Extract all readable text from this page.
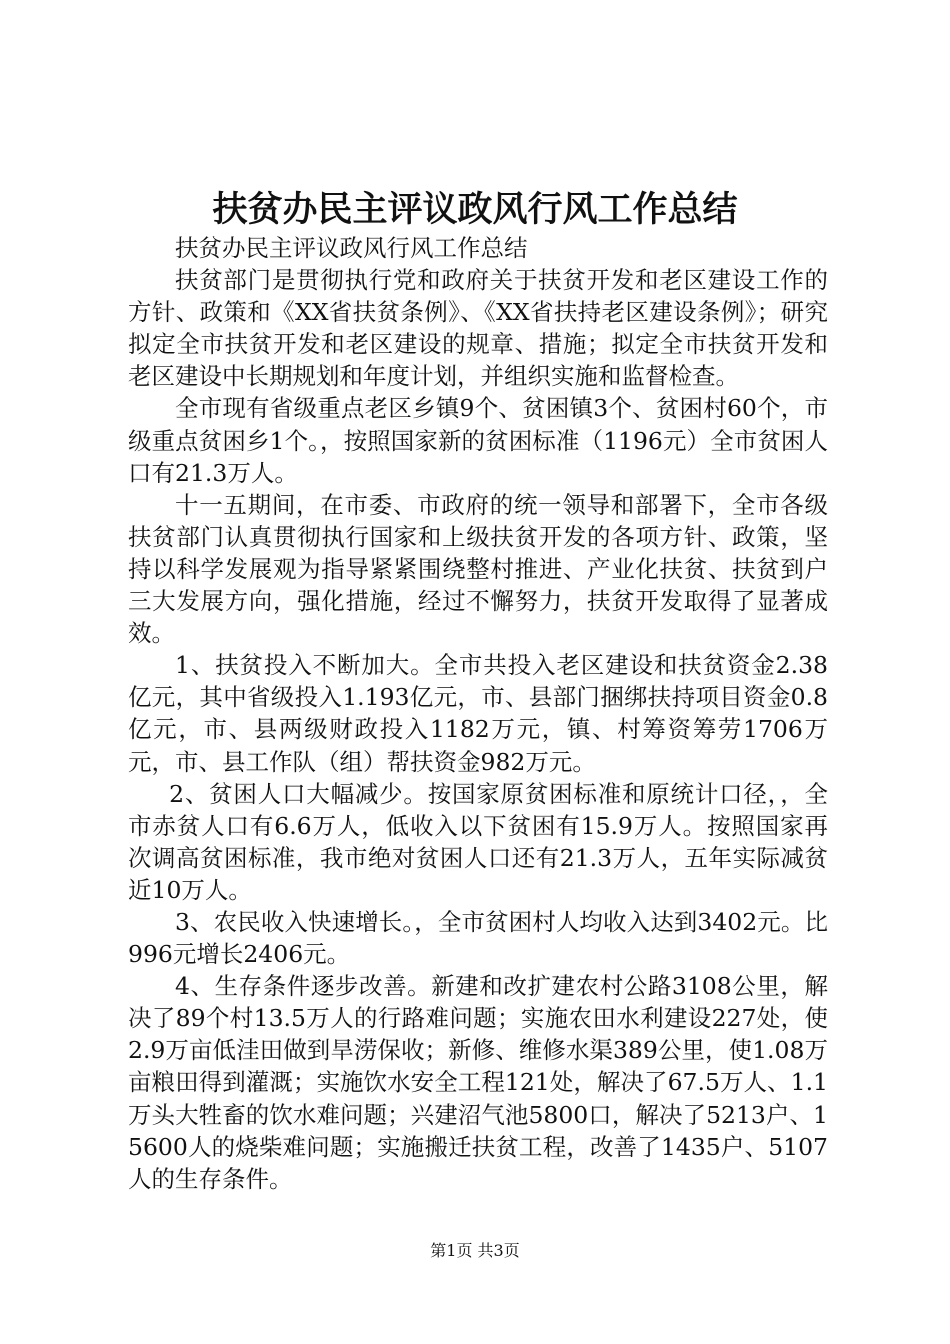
扶贫办民主评议政风行风工作总结

扶贫办民主评议政风行风工作总结

扶贫部门是贯彻执行党和政府关于扶贫开发和老区建设工作的方针、政策和《XX省扶贫条例》、《XX省扶持老区建设条例》；研究拟定全市扶贫开发和老区建设的规章、措施；拟定全市扶贫开发和老区建设中长期规划和年度计划，并组织实施和监督检查。

全市现有省级重点老区乡镇9个、贫困镇3个、贫困村60个，市级重点贫困乡1个。，按照国家新的贫困标准（1196元）全市贫困人口有21.3万人。

十一五期间，在市委、市政府的统一领导和部署下，全市各级扶贫部门认真贯彻执行国家和上级扶贫开发的各项方针、政策，坚持以科学发展观为指导紧紧围绕整村推进、产业化扶贫、扶贫到户三大发展方向，强化措施，经过不懈努力，扶贫开发取得了显著成效。

1、扶贫投入不断加大。全市共投入老区建设和扶贫资金2.38亿元，其中省级投入1.193亿元，市、县部门捆绑扶持项目资金0.8亿元，市、县两级财政投入1182万元，镇、村筹资筹劳1706万元，市、县工作队（组）帮扶资金982万元。

2、贫困人口大幅减少。按国家原贫困标准和原统计口径，，全市赤贫人口有6.6万人，低收入以下贫困有15.9万人。按照国家再次调高贫困标准，我市绝对贫困人口还有21.3万人，五年实际减贫近10万人。

3、农民收入快速增长。，全市贫困村人均收入达到3402元。比996元增长2406元。

4、生存条件逐步改善。新建和改扩建农村公路3108公里，解决了89个村13.5万人的行路难问题；实施农田水利建设227处，使2.9万亩低洼田做到旱涝保收；新修、维修水渠389公里，使1.08万亩粮田得到灌溉；实施饮水安全工程121处，解决了67.5万人、1.1万头大牲畜的饮水难问题；兴建沼气池5800口，解决了5213户、15600人的烧柴难问题；实施搬迁扶贫工程，改善了1435户、5107人的生存条件。

第1页 共3页
